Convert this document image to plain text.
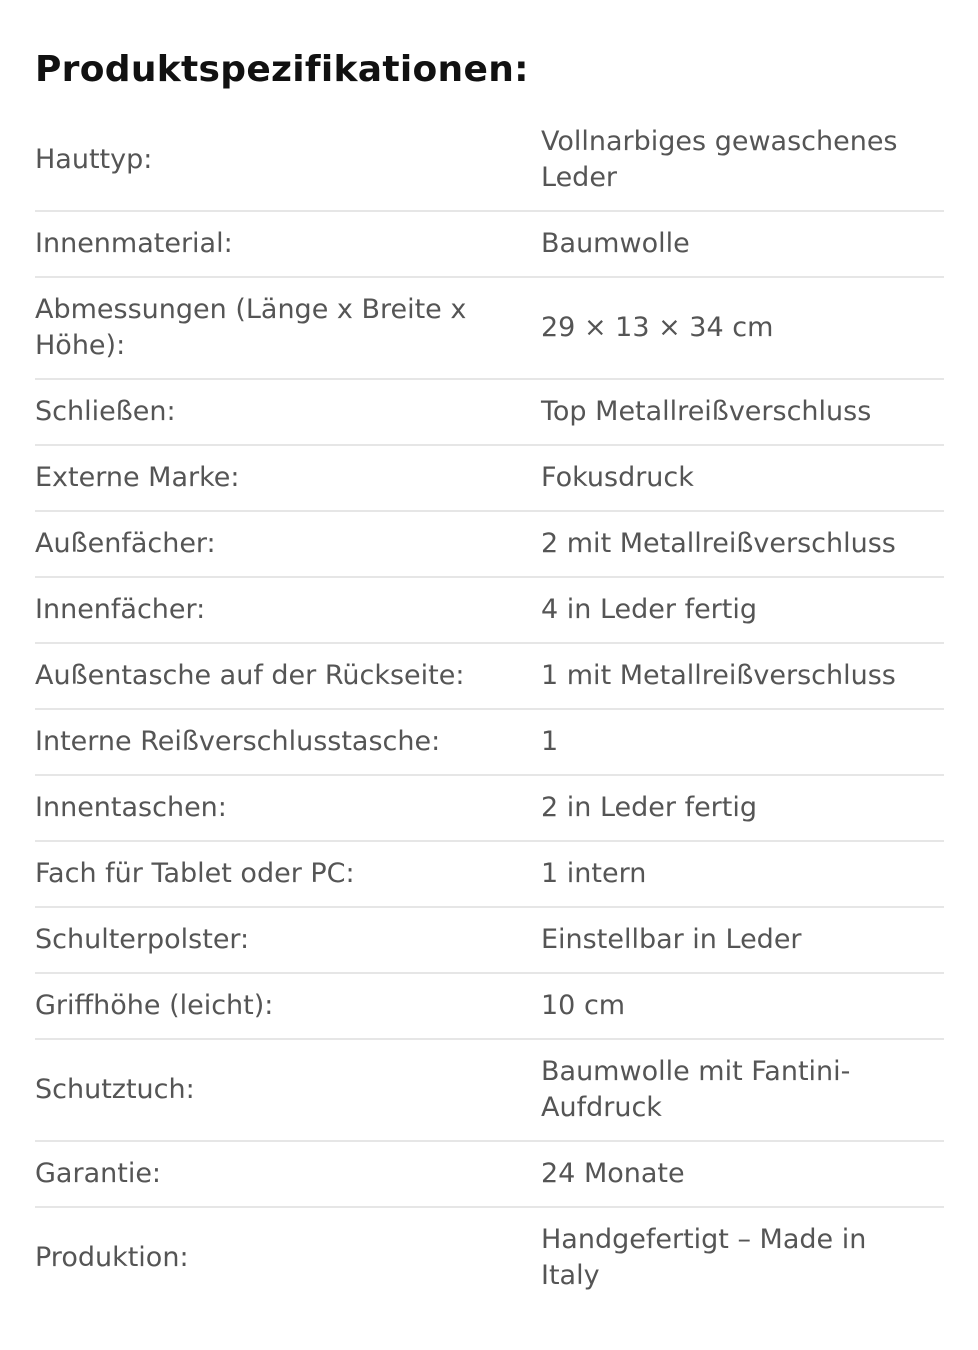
Produktspezifikationen:
Hauttyp:	Vollnarbiges gewaschenes Leder
Innenmaterial:	Baumwolle
Abmessungen (Länge x Breite x Höhe):	29 × 13 × 34 cm
Schließen:	Top Metallreißverschluss
Externe Marke:	Fokusdruck
Außenfächer:	2 mit Metallreißverschluss
Innenfächer:	4 in Leder fertig
Außentasche auf der Rückseite:	1 mit Metallreißverschluss
Interne Reißverschlusstasche:	1
Innentaschen:	2 in Leder fertig
Fach für Tablet oder PC:	1 intern
Schulterpolster:	Einstellbar in Leder
Griffhöhe (leicht):	10 cm
Schutztuch:	Baumwolle mit Fantini-Aufdruck
Garantie:	24 Monate
Produktion:	Handgefertigt – Made in Italy
